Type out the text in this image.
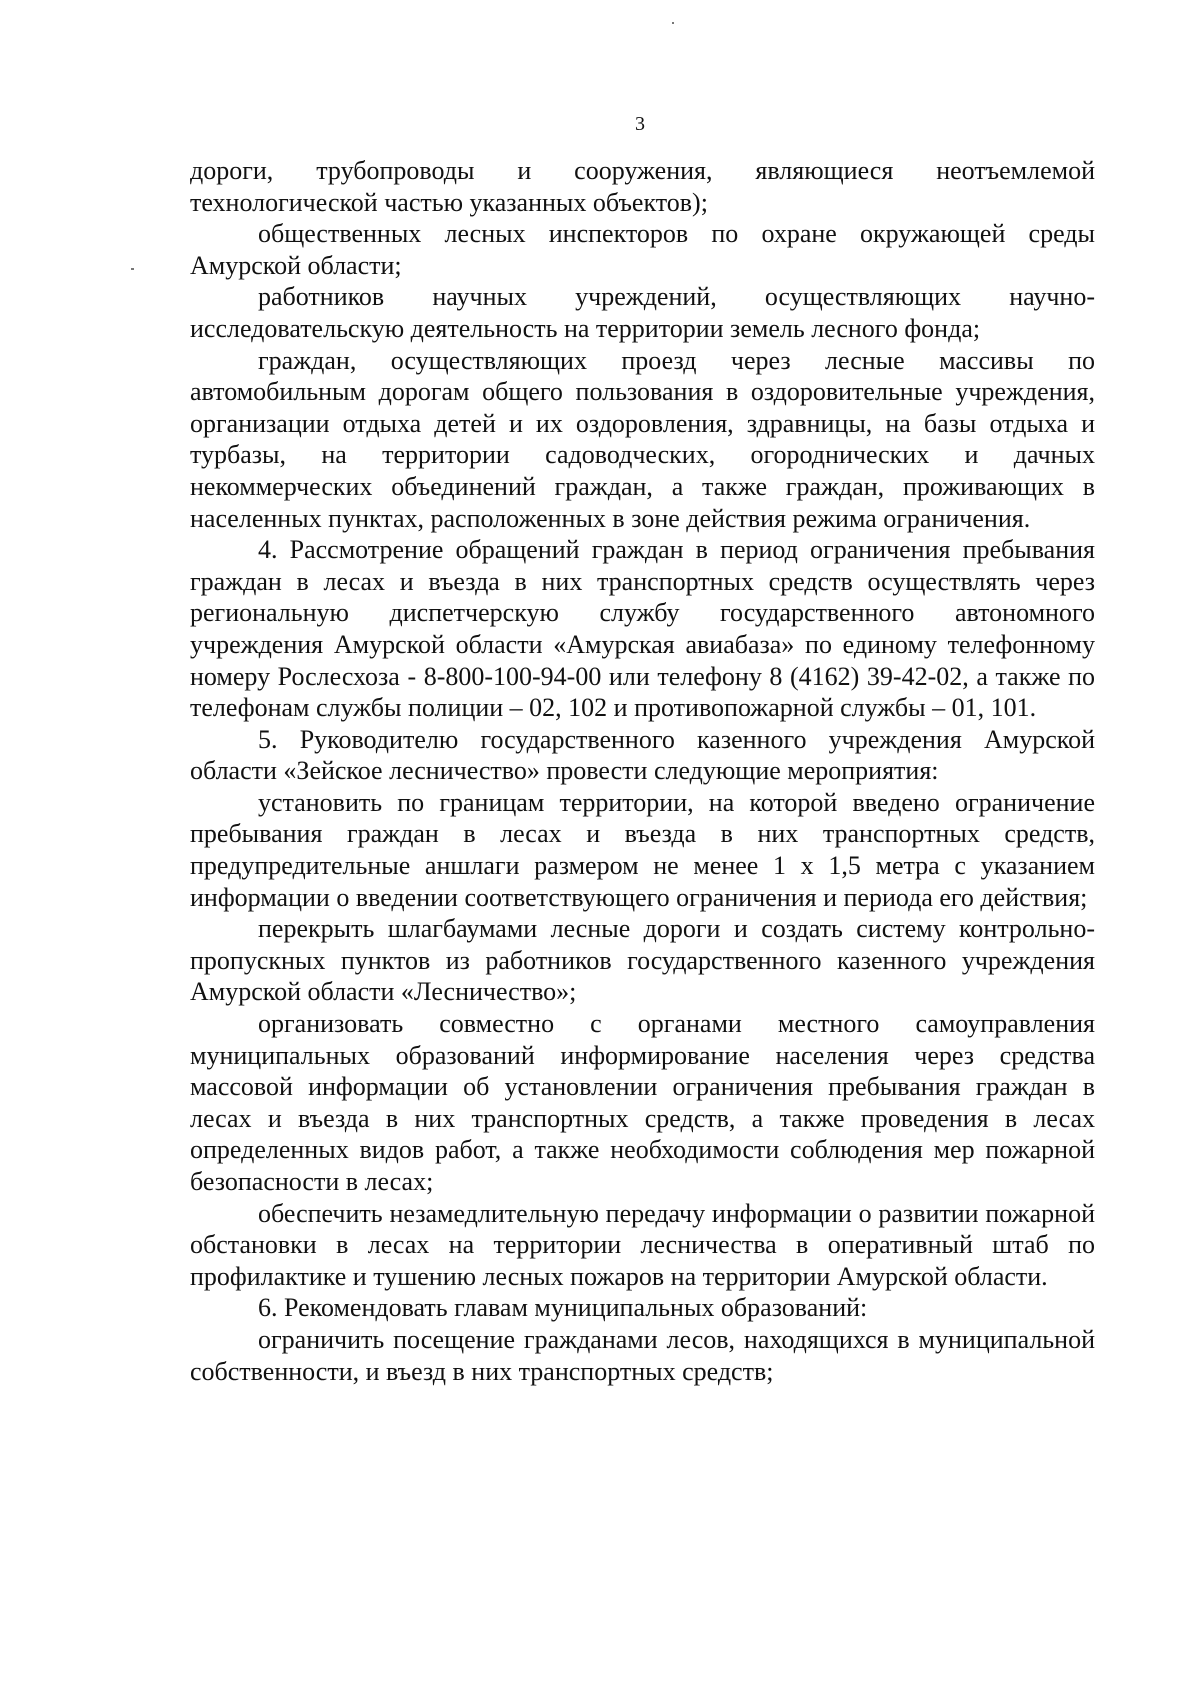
3

дороги, трубопроводы и сооружения, являющиеся неотъемлемой технологической частью указанных объектов);

общественных лесных инспекторов по охране окружающей среды Амурской области;

работников научных учреждений, осуществляющих научно-исследовательскую деятельность на территории земель лесного фонда;

граждан, осуществляющих проезд через лесные массивы по автомобильным дорогам общего пользования в оздоровительные учреждения, организации отдыха детей и их оздоровления, здравницы, на базы отдыха и турбазы, на территории садоводческих, огороднических и дачных некоммерческих объединений граждан, а также граждан, проживающих в населенных пунктах, расположенных в зоне действия режима ограничения.

4. Рассмотрение обращений граждан в период ограничения пребывания граждан в лесах и въезда в них транспортных средств осуществлять через региональную диспетчерскую службу государственного автономного учреждения Амурской области «Амурская авиабаза» по единому телефонному номеру Рослесхоза - 8-800-100-94-00 или телефону 8 (4162) 39-42-02, а также по телефонам службы полиции – 02, 102 и противопожарной службы – 01, 101.

5. Руководителю государственного казенного учреждения Амурской области «Зейское лесничество» провести следующие мероприятия:

установить по границам территории, на которой введено ограничение пребывания граждан в лесах и въезда в них транспортных средств, предупредительные аншлаги размером не менее 1 х 1,5 метра с указанием информации о введении соответствующего ограничения и периода его действия;

перекрыть шлагбаумами лесные дороги и создать систему контрольно-пропускных пунктов из работников государственного казенного учреждения Амурской области «Лесничество»;

организовать совместно с органами местного самоуправления муниципальных образований информирование населения через средства массовой информации об установлении ограничения пребывания граждан в лесах и въезда в них транспортных средств, а также проведения в лесах определенных видов работ, а также необходимости соблюдения мер пожарной безопасности в лесах;

обеспечить незамедлительную передачу информации о развитии пожарной обстановки в лесах на территории лесничества в оперативный штаб по профилактике и тушению лесных пожаров на территории Амурской области.

6. Рекомендовать главам муниципальных образований:

ограничить посещение гражданами лесов, находящихся в муниципальной собственности, и въезд в них транспортных средств;
